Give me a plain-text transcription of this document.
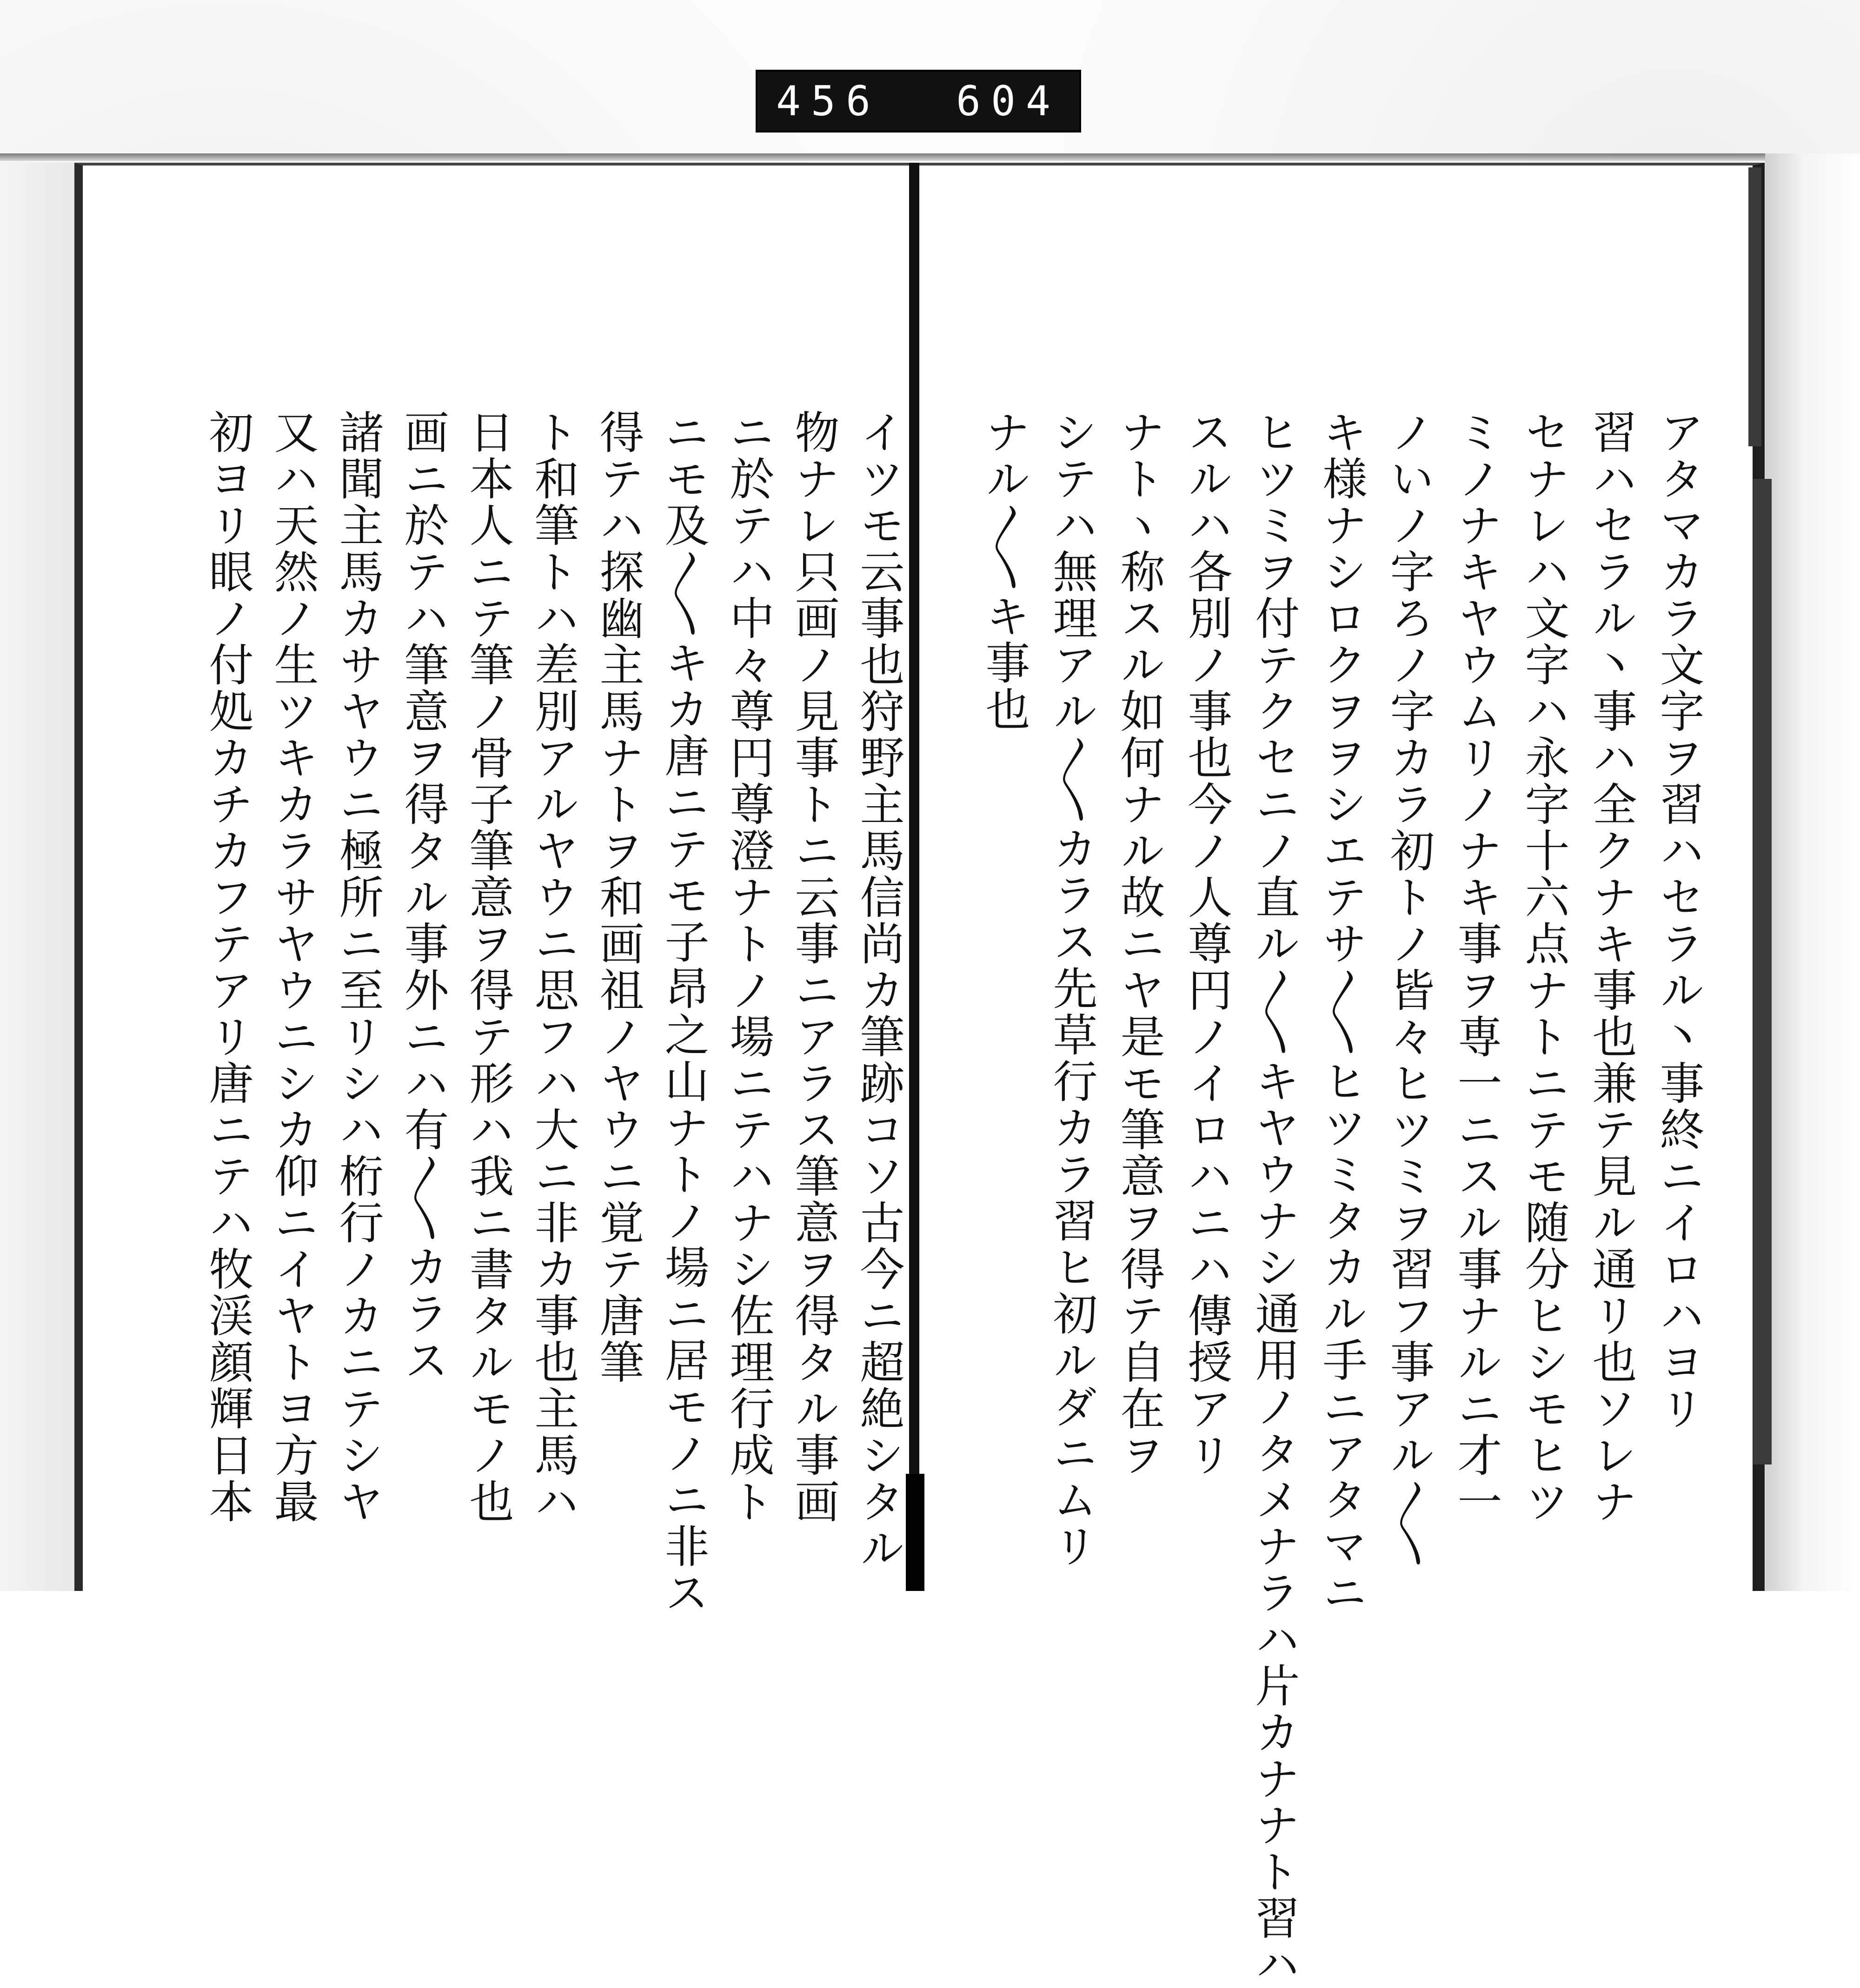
456 604
アタマカラ文字ヲ習ハセラル丶事終ニイロハヨリ
習ハセラル丶事ハ全クナキ事也兼テ見ル通リ也ソレナ
セナレハ文字ハ永字十六点ナトニテモ随分ヒシモヒツ
ミノナキヤウムリノナキ事ヲ専一ニスル事ナルニ才一
ノいノ字ろノ字カラ初トノ皆々ヒツミヲ習フ事アル〳〵
キ様ナシロクヲヲシエテサ〳〵ヒツミタカル手ニアタマニ
ヒツミヲ付テクセニノ直ル〳〵キヤウナシ通用ノタメナラハ片カナナト習ハ
スルハ各別ノ事也今ノ人尊円ノイロハニハ傳授アリ
ナトヽ称スル如何ナル故ニヤ是モ筆意ヲ得テ自在ヲ
シテハ無理アル〳〵カラス先草行カラ習ヒ初ルダニムリ
ナル〳〵キ事也
イツモ云事也狩野主馬信尚カ筆跡コソ古今ニ超絶シタル
物ナレ只画ノ見事トニ云事ニアラス筆意ヲ得タル事画
ニ於テハ中々尊円尊澄ナトノ場ニテハナシ佐理行成ト
ニモ及〳〵キカ唐ニテモ子昂之山ナトノ場ニ居モノニ非ス
得テハ探幽主馬ナトヲ和画祖ノヤウニ覚テ唐筆
ト和筆トハ差別アルヤウニ思フハ大ニ非カ事也主馬ハ
日本人ニテ筆ノ骨子筆意ヲ得テ形ハ我ニ書タルモノ也
画ニ於テハ筆意ヲ得タル事外ニハ有〳〵カラス
諸聞主馬カサヤウニ極所ニ至リシハ桁行ノカニテシヤ
又ハ天然ノ生ツキカラサヤウニシカ仰ニイヤトヨ方最
初ヨリ眼ノ付処カチカフテアリ唐ニテハ牧渓顔輝日本
